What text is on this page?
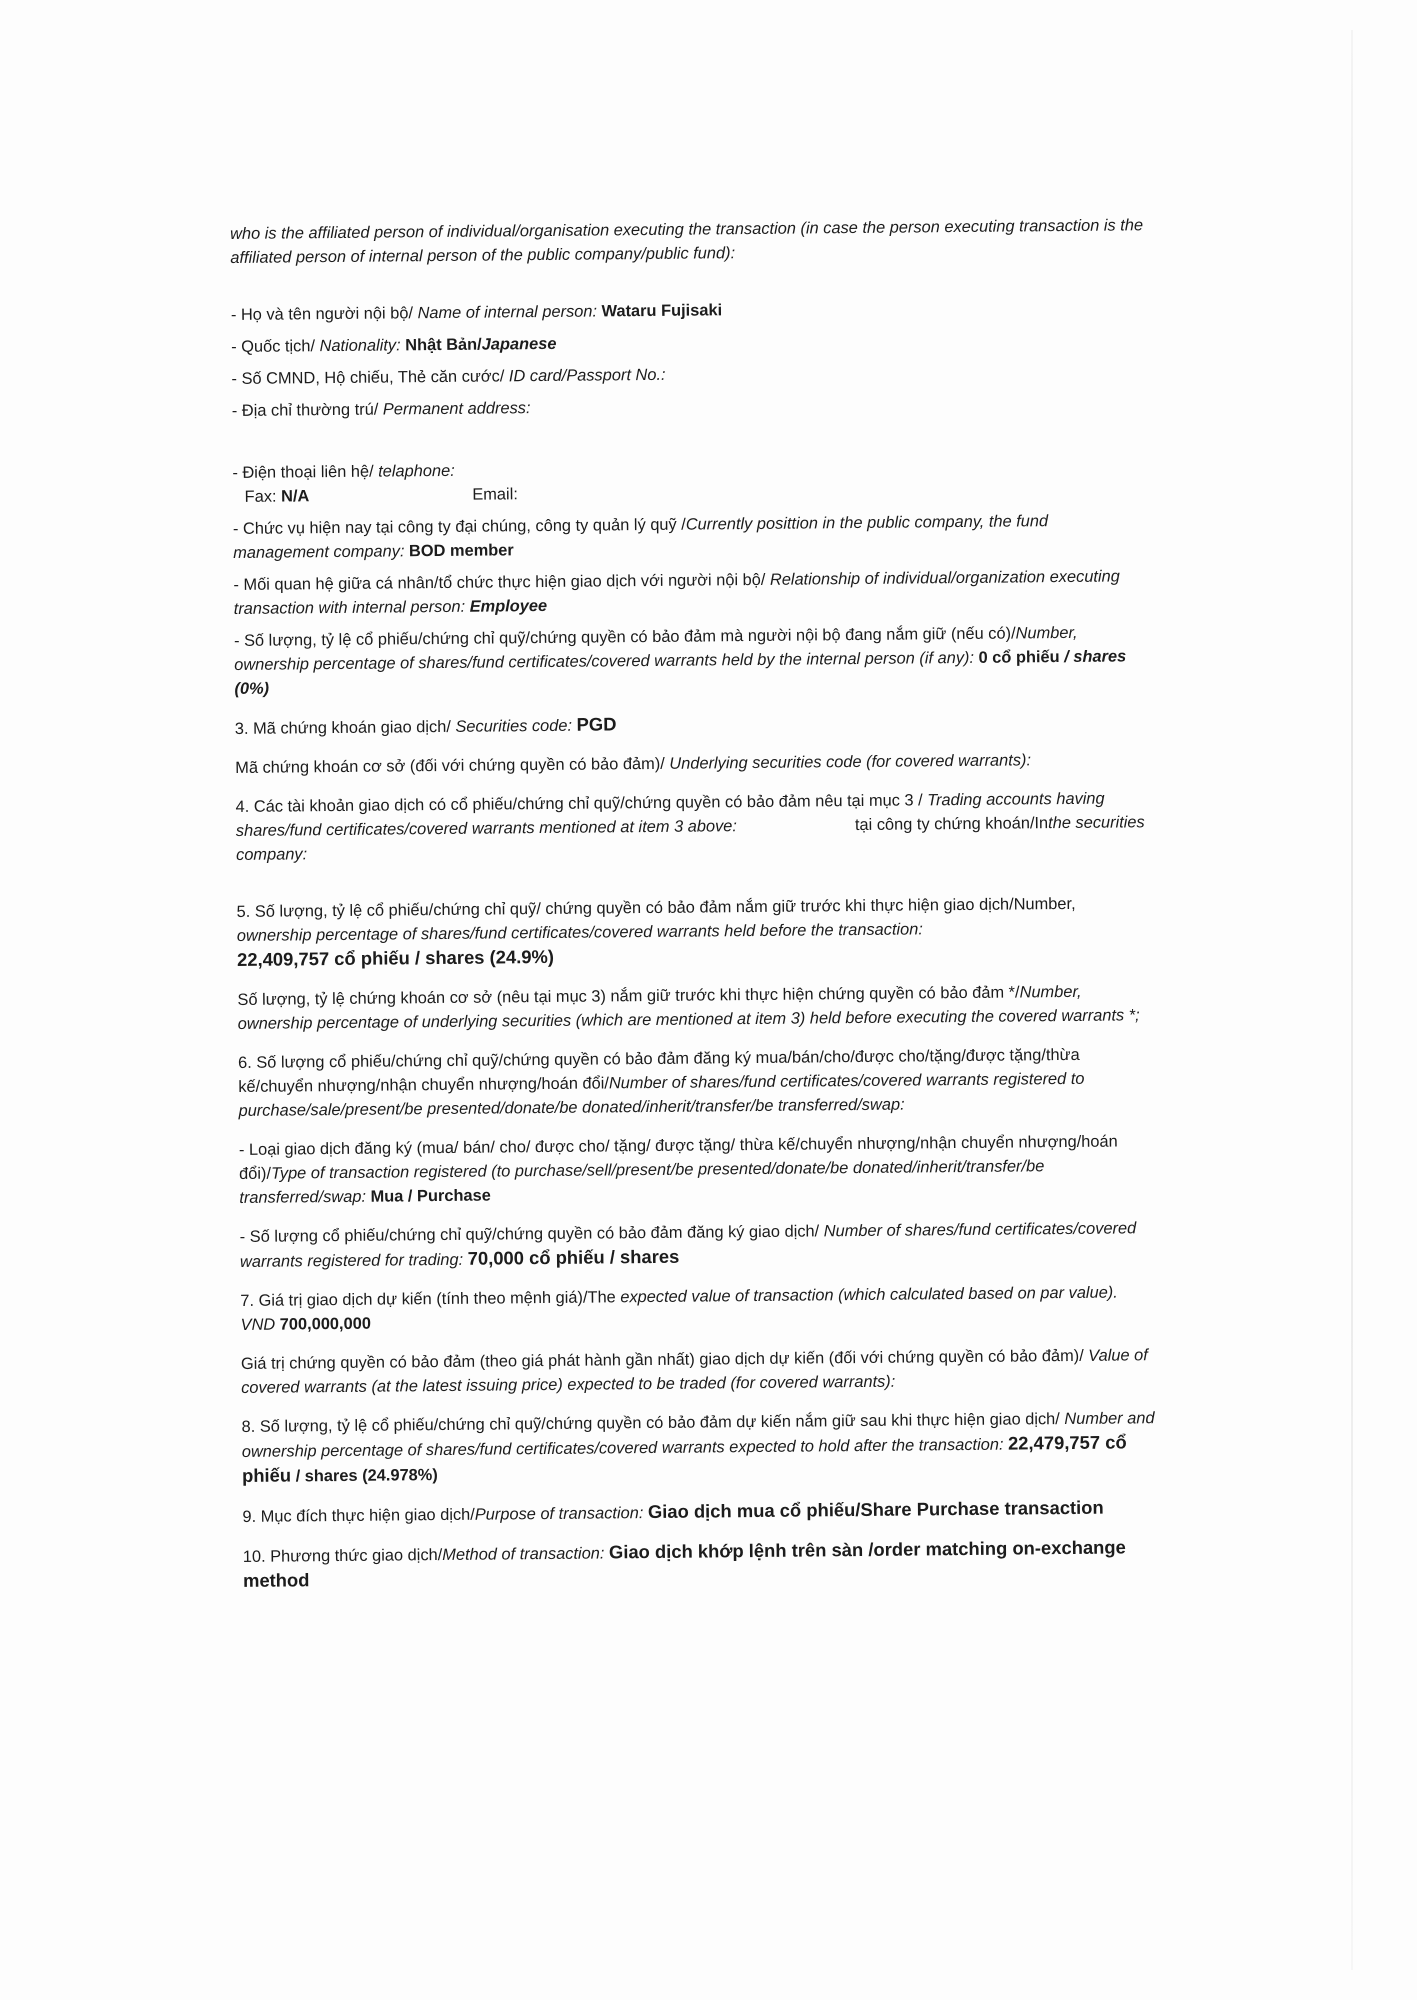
who is the affiliated person of individual/organisation executing the transaction (in case the person executing transaction is the affiliated person of internal person of the public company/public fund):

- Họ và tên người nội bộ/ Name of internal person: Wataru Fujisaki

- Quốc tịch/ Nationality: Nhật Bản/Japanese

- Số CMND, Hộ chiếu, Thẻ căn cước/ ID card/Passport No.:

- Địa chỉ thường trú/ Permanent address:

- Điện thoại liên hệ/ telaphone:

Fax: N/A	Email:

- Chức vụ hiện nay tại công ty đại chúng, công ty quản lý quỹ /Currently posittion in the public company, the fund management company: BOD member

- Mối quan hệ giữa cá nhân/tổ chức thực hiện giao dịch với người nội bộ/ Relationship of individual/organization executing transaction with internal person: Employee

- Số lượng, tỷ lệ cổ phiếu/chứng chỉ quỹ/chứng quyền có bảo đảm mà người nội bộ đang nắm giữ (nếu có)/Number, ownership percentage of shares/fund certificates/covered warrants held by the internal person (if any): 0 cổ phiếu / shares (0%)

3. Mã chứng khoán giao dịch/ Securities code: PGD

Mã chứng khoán cơ sở (đối với chứng quyền có bảo đảm)/ Underlying securities code (for covered warrants):

4. Các tài khoản giao dịch có cổ phiếu/chứng chỉ quỹ/chứng quyền có bảo đảm nêu tại mục 3 / Trading accounts having shares/fund certificates/covered warrants mentioned at item 3 above:	tại công ty chứng khoán/Inthe securities company:

5. Số lượng, tỷ lệ cổ phiếu/chứng chỉ quỹ/ chứng quyền có bảo đảm nắm giữ trước khi thực hiện giao dịch/Number, ownership percentage of shares/fund certificates/covered warrants held before the transaction:
22,409,757 cổ phiếu / shares (24.9%)

Số lượng, tỷ lệ chứng khoán cơ sở (nêu tại mục 3) nắm giữ trước khi thực hiện chứng quyền có bảo đảm */Number, ownership percentage of underlying securities (which are mentioned at item 3) held before executing the covered warrants *;

6. Số lượng cổ phiếu/chứng chỉ quỹ/chứng quyền có bảo đảm đăng ký mua/bán/cho/được cho/tặng/được tặng/thừa kế/chuyển nhượng/nhận chuyển nhượng/hoán đổi/Number of shares/fund certificates/covered warrants registered to purchase/sale/present/be presented/donate/be donated/inherit/transfer/be transferred/swap:

- Loại giao dịch đăng ký (mua/ bán/ cho/ được cho/ tặng/ được tặng/ thừa kế/chuyển nhượng/nhận chuyển nhượng/hoán đổi)/Type of transaction registered (to purchase/sell/present/be presented/donate/be donated/inherit/transfer/be transferred/swap: Mua / Purchase

- Số lượng cổ phiếu/chứng chỉ quỹ/chứng quyền có bảo đảm đăng ký giao dịch/ Number of shares/fund certificates/covered warrants registered for trading: 70,000 cổ phiếu / shares

7. Giá trị giao dịch dự kiến (tính theo mệnh giá)/The expected value of transaction (which calculated based on par value). VND 700,000,000

Giá trị chứng quyền có bảo đảm (theo giá phát hành gần nhất) giao dịch dự kiến (đối với chứng quyền có bảo đảm)/ Value of covered warrants (at the latest issuing price) expected to be traded (for covered warrants):

8. Số lượng, tỷ lệ cổ phiếu/chứng chỉ quỹ/chứng quyền có bảo đảm dự kiến nắm giữ sau khi thực hiện giao dịch/ Number and ownership percentage of shares/fund certificates/covered warrants expected to hold after the transaction: 22,479,757 cổ phiếu / shares (24.978%)

9. Mục đích thực hiện giao dịch/Purpose of transaction: Giao dịch mua cổ phiếu/Share Purchase transaction

10. Phương thức giao dịch/Method of transaction: Giao dịch khớp lệnh trên sàn /order matching on-exchange method
